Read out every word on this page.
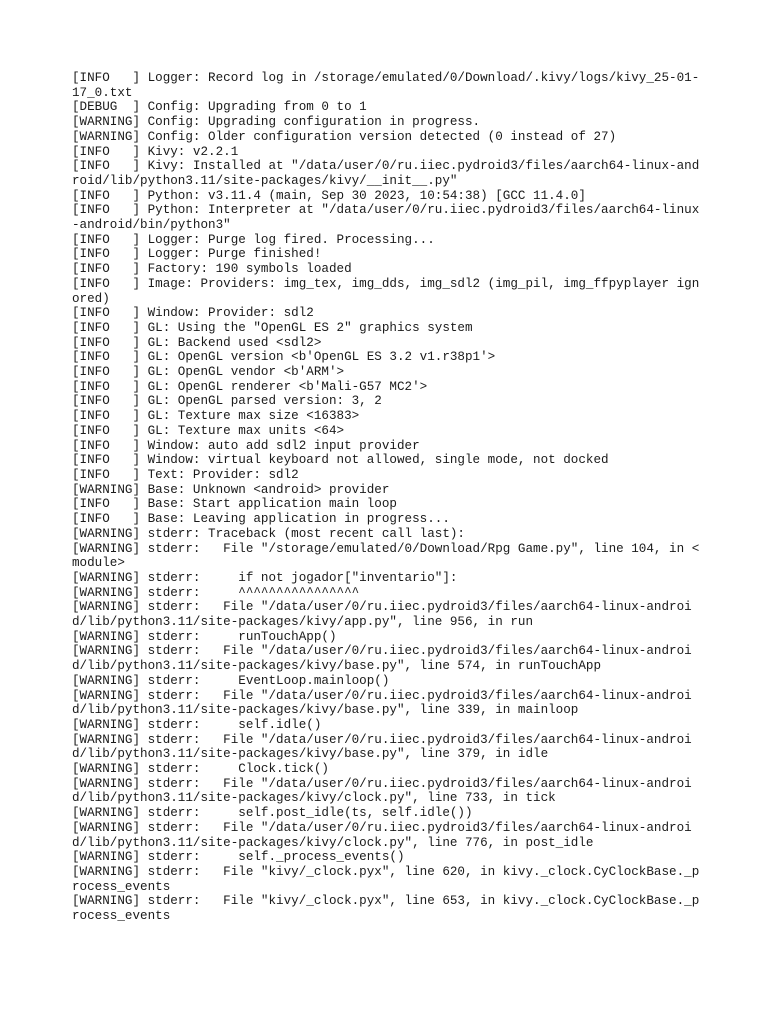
[INFO   ] Logger: Record log in /storage/emulated/0/Download/.kivy/logs/kivy_25-01-17_0.txt
[DEBUG  ] Config: Upgrading from 0 to 1
[WARNING] Config: Upgrading configuration in progress.
[WARNING] Config: Older configuration version detected (0 instead of 27)
[INFO   ] Kivy: v2.2.1
[INFO   ] Kivy: Installed at "/data/user/0/ru.iiec.pydroid3/files/aarch64-linux-android/lib/python3.11/site-packages/kivy/__init__.py"
[INFO   ] Python: v3.11.4 (main, Sep 30 2023, 10:54:38) [GCC 11.4.0]
[INFO   ] Python: Interpreter at "/data/user/0/ru.iiec.pydroid3/files/aarch64-linux-android/bin/python3"
[INFO   ] Logger: Purge log fired. Processing...
[INFO   ] Logger: Purge finished!
[INFO   ] Factory: 190 symbols loaded
[INFO   ] Image: Providers: img_tex, img_dds, img_sdl2 (img_pil, img_ffpyplayer ignored)
[INFO   ] Window: Provider: sdl2
[INFO   ] GL: Using the "OpenGL ES 2" graphics system
[INFO   ] GL: Backend used <sdl2>
[INFO   ] GL: OpenGL version <b'OpenGL ES 3.2 v1.r38p1'>
[INFO   ] GL: OpenGL vendor <b'ARM'>
[INFO   ] GL: OpenGL renderer <b'Mali-G57 MC2'>
[INFO   ] GL: OpenGL parsed version: 3, 2
[INFO   ] GL: Texture max size <16383>
[INFO   ] GL: Texture max units <64>
[INFO   ] Window: auto add sdl2 input provider
[INFO   ] Window: virtual keyboard not allowed, single mode, not docked
[INFO   ] Text: Provider: sdl2
[WARNING] Base: Unknown <android> provider
[INFO   ] Base: Start application main loop
[INFO   ] Base: Leaving application in progress...
[WARNING] stderr: Traceback (most recent call last):
[WARNING] stderr:   File "/storage/emulated/0/Download/Rpg Game.py", line 104, in <module>
[WARNING] stderr:     if not jogador["inventario"]:
[WARNING] stderr:     ^^^^^^^^^^^^^^^^
[WARNING] stderr:   File "/data/user/0/ru.iiec.pydroid3/files/aarch64-linux-android/lib/python3.11/site-packages/kivy/app.py", line 956, in run
[WARNING] stderr:     runTouchApp()
[WARNING] stderr:   File "/data/user/0/ru.iiec.pydroid3/files/aarch64-linux-android/lib/python3.11/site-packages/kivy/base.py", line 574, in runTouchApp
[WARNING] stderr:     EventLoop.mainloop()
[WARNING] stderr:   File "/data/user/0/ru.iiec.pydroid3/files/aarch64-linux-android/lib/python3.11/site-packages/kivy/base.py", line 339, in mainloop
[WARNING] stderr:     self.idle()
[WARNING] stderr:   File "/data/user/0/ru.iiec.pydroid3/files/aarch64-linux-android/lib/python3.11/site-packages/kivy/base.py", line 379, in idle
[WARNING] stderr:     Clock.tick()
[WARNING] stderr:   File "/data/user/0/ru.iiec.pydroid3/files/aarch64-linux-android/lib/python3.11/site-packages/kivy/clock.py", line 733, in tick
[WARNING] stderr:     self.post_idle(ts, self.idle())
[WARNING] stderr:   File "/data/user/0/ru.iiec.pydroid3/files/aarch64-linux-android/lib/python3.11/site-packages/kivy/clock.py", line 776, in post_idle
[WARNING] stderr:     self._process_events()
[WARNING] stderr:   File "kivy/_clock.pyx", line 620, in kivy._clock.CyClockBase._process_events
[WARNING] stderr:   File "kivy/_clock.pyx", line 653, in kivy._clock.CyClockBase._process_events
